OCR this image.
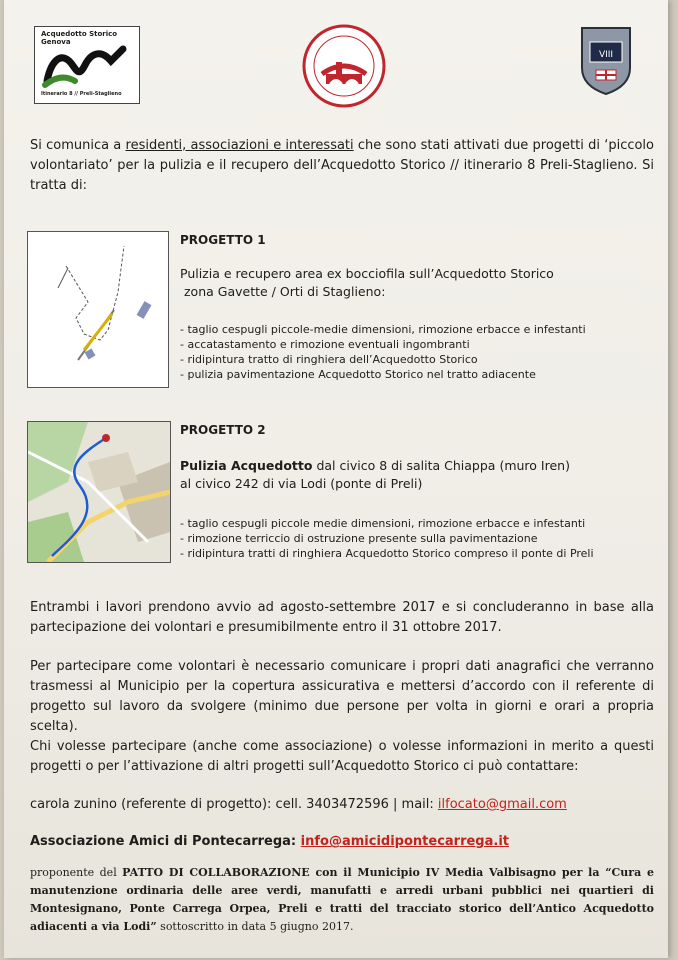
Acquedotto Storico Genova
Itinerario 8 // Preli-Staglieno
VIII
Si comunica a residenti, associazioni e interessati che sono stati attivati due progetti di ‘piccolo volontariato’ per la pulizia e il recupero dell’Acquedotto Storico // itinerario 8 Preli-Staglieno. Si tratta di:
PROGETTO 1
Pulizia e recupero area ex bocciofila sull’Acquedotto Storico
zona Gavette / Orti di Staglieno:
- taglio cespugli piccole-medie dimensioni, rimozione erbacce e infestanti
- accatastamento e rimozione eventuali ingombranti
- ridipintura tratto di ringhiera dell’Acquedotto Storico
- pulizia pavimentazione Acquedotto Storico nel tratto adiacente
PROGETTO 2
Pulizia Acquedotto dal civico 8 di salita Chiappa (muro Iren)
al civico 242 di via Lodi (ponte di Preli)
- taglio cespugli piccole medie dimensioni, rimozione erbacce e infestanti
- rimozione terriccio di ostruzione presente sulla pavimentazione
- ridipintura tratti di ringhiera Acquedotto Storico compreso il ponte di Preli
Entrambi i lavori prendono avvio ad agosto-settembre 2017 e si concluderanno in base alla partecipazione dei volontari e presumibilmente entro il 31 ottobre 2017.
Per partecipare come volontari è necessario comunicare i propri dati anagrafici che verranno trasmessi al Municipio per la copertura assicurativa e mettersi d’accordo con il referente di progetto sul lavoro da svolgere (minimo due persone per volta in giorni e orari a propria scelta).
Chi volesse partecipare (anche come associazione) o volesse informazioni in merito a questi progetti o per l’attivazione di altri progetti sull’Acquedotto Storico ci può contattare:
carola zunino (referente di progetto): cell. 3403472596 | mail: ilfocato@gmail.com
Associazione Amici di Pontecarrega: info@amicidipontecarrega.it
proponente del PATTO DI COLLABORAZIONE con il Municipio IV Media Valbisagno per la “Cura e manutenzione ordinaria delle aree verdi, manufatti e arredi urbani pubblici nei quartieri di Montesignano, Ponte Carrega Orpea, Preli e tratti del tracciato storico dell’Antico Acquedotto adiacenti a via Lodi” sottoscritto in data 5 giugno 2017.
